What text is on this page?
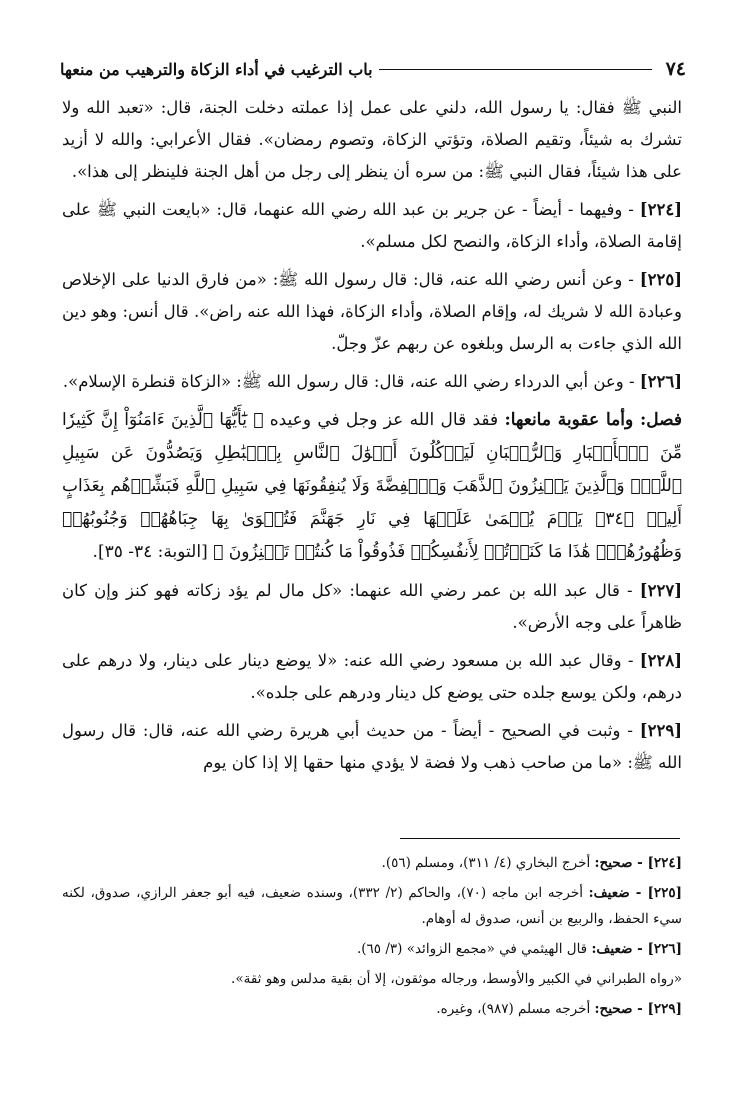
٧٤
باب الترغيب في أداء الزكاة والترهيب من منعها

النبي ﷺ فقال: يا رسول الله، دلني على عمل إذا عملته دخلت الجنة، قال: «تعبد الله ولا تشرك به شيئاً، وتقيم الصلاة، وتؤتي الزكاة، وتصوم رمضان». فقال الأعرابي: والله لا أزيد على هذا شيئاً، فقال النبي ﷺ: من سره أن ينظر إلى رجل من أهل الجنة فلينظر إلى هذا».

[٢٢٤] - وفيهما - أيضاً - عن جرير بن عبد الله رضي الله عنهما، قال: «بايعت النبي ﷺ على إقامة الصلاة، وأداء الزكاة، والنصح لكل مسلم».

[٢٢٥] - وعن أنس رضي الله عنه، قال: قال رسول الله ﷺ: «من فارق الدنيا على الإخلاص وعبادة الله لا شريك له، وإقام الصلاة، وأداء الزكاة، فهذا الله عنه راض». قال أنس: وهو دين الله الذي جاءت به الرسل وبلغوه عن ربهم عزّ وجلّ.

[٢٢٦] - وعن أبي الدرداء رضي الله عنه، قال: قال رسول الله ﷺ: «الزكاة قنطرة الإسلام».

فصل: وأما عقوبة مانعها: فقد قال الله عز وجل في وعيده ﴿ يَٰٓأَيُّهَا ٱلَّذِينَ ءَامَنُوٓاْ إِنَّ كَثِيرٗا مِّنَ ٱلۡأَحۡبَارِ وَٱلرُّهۡبَانِ لَيَأۡكُلُونَ أَمۡوَٰلَ ٱلنَّاسِ بِٱلۡبَٰطِلِ وَيَصُدُّونَ عَن سَبِيلِ ٱللَّهِۗ وَٱلَّذِينَ يَكۡنِزُونَ ٱلذَّهَبَ وَٱلۡفِضَّةَ وَلَا يُنفِقُونَهَا فِي سَبِيلِ ٱللَّهِ فَبَشِّرۡهُم بِعَذَابٍ أَلِيمٖ ﴿٣٤﴾ يَوۡمَ يُحۡمَىٰ عَلَيۡهَا فِي نَارِ جَهَنَّمَ فَتُكۡوَىٰ بِهَا جِبَاهُهُمۡ وَجُنُوبُهُمۡ وَظُهُورُهُمۡۖ هَٰذَا مَا كَنَزۡتُمۡ لِأَنفُسِكُمۡ فَذُوقُواْ مَا كُنتُمۡ تَكۡنِزُونَ ﴾ [التوبة: ٣٤- ٣٥].

[٢٢٧] - قال عبد الله بن عمر رضي الله عنهما: «كل مال لم يؤد زكاته فهو كنز وإن كان ظاهراً على وجه الأرض».

[٢٢٨] - وقال عبد الله بن مسعود رضي الله عنه: «لا يوضع دينار على دينار، ولا درهم على درهم، ولكن يوسع جلده حتى يوضع كل دينار ودرهم على جلده».

[٢٢٩] - وثبت في الصحيح - أيضاً - من حديث أبي هريرة رضي الله عنه، قال: قال رسول الله ﷺ: «ما من صاحب ذهب ولا فضة لا يؤدي منها حقها إلا إذا كان يوم

[٢٢٤] - صحيح: أخرج البخاري (٤/ ٣١١)، ومسلم (٥٦).

[٢٢٥] - ضعيف: أخرجه ابن ماجه (٧٠)، والحاكم (٢/ ٣٣٢)، وسنده ضعيف، فيه أبو جعفر الرازي، صدوق، لكنه سيء الحفظ، والربيع بن أنس، صدوق له أوهام.

[٢٢٦] - ضعيف: قال الهيثمي في «مجمع الزوائد» (٣/ ٦٥).

«رواه الطبراني في الكبير والأوسط، ورجاله موثقون، إلا أن بقية مدلس وهو ثقة».

[٢٢٩] - صحيح: أخرجه مسلم (٩٨٧)، وغيره.
